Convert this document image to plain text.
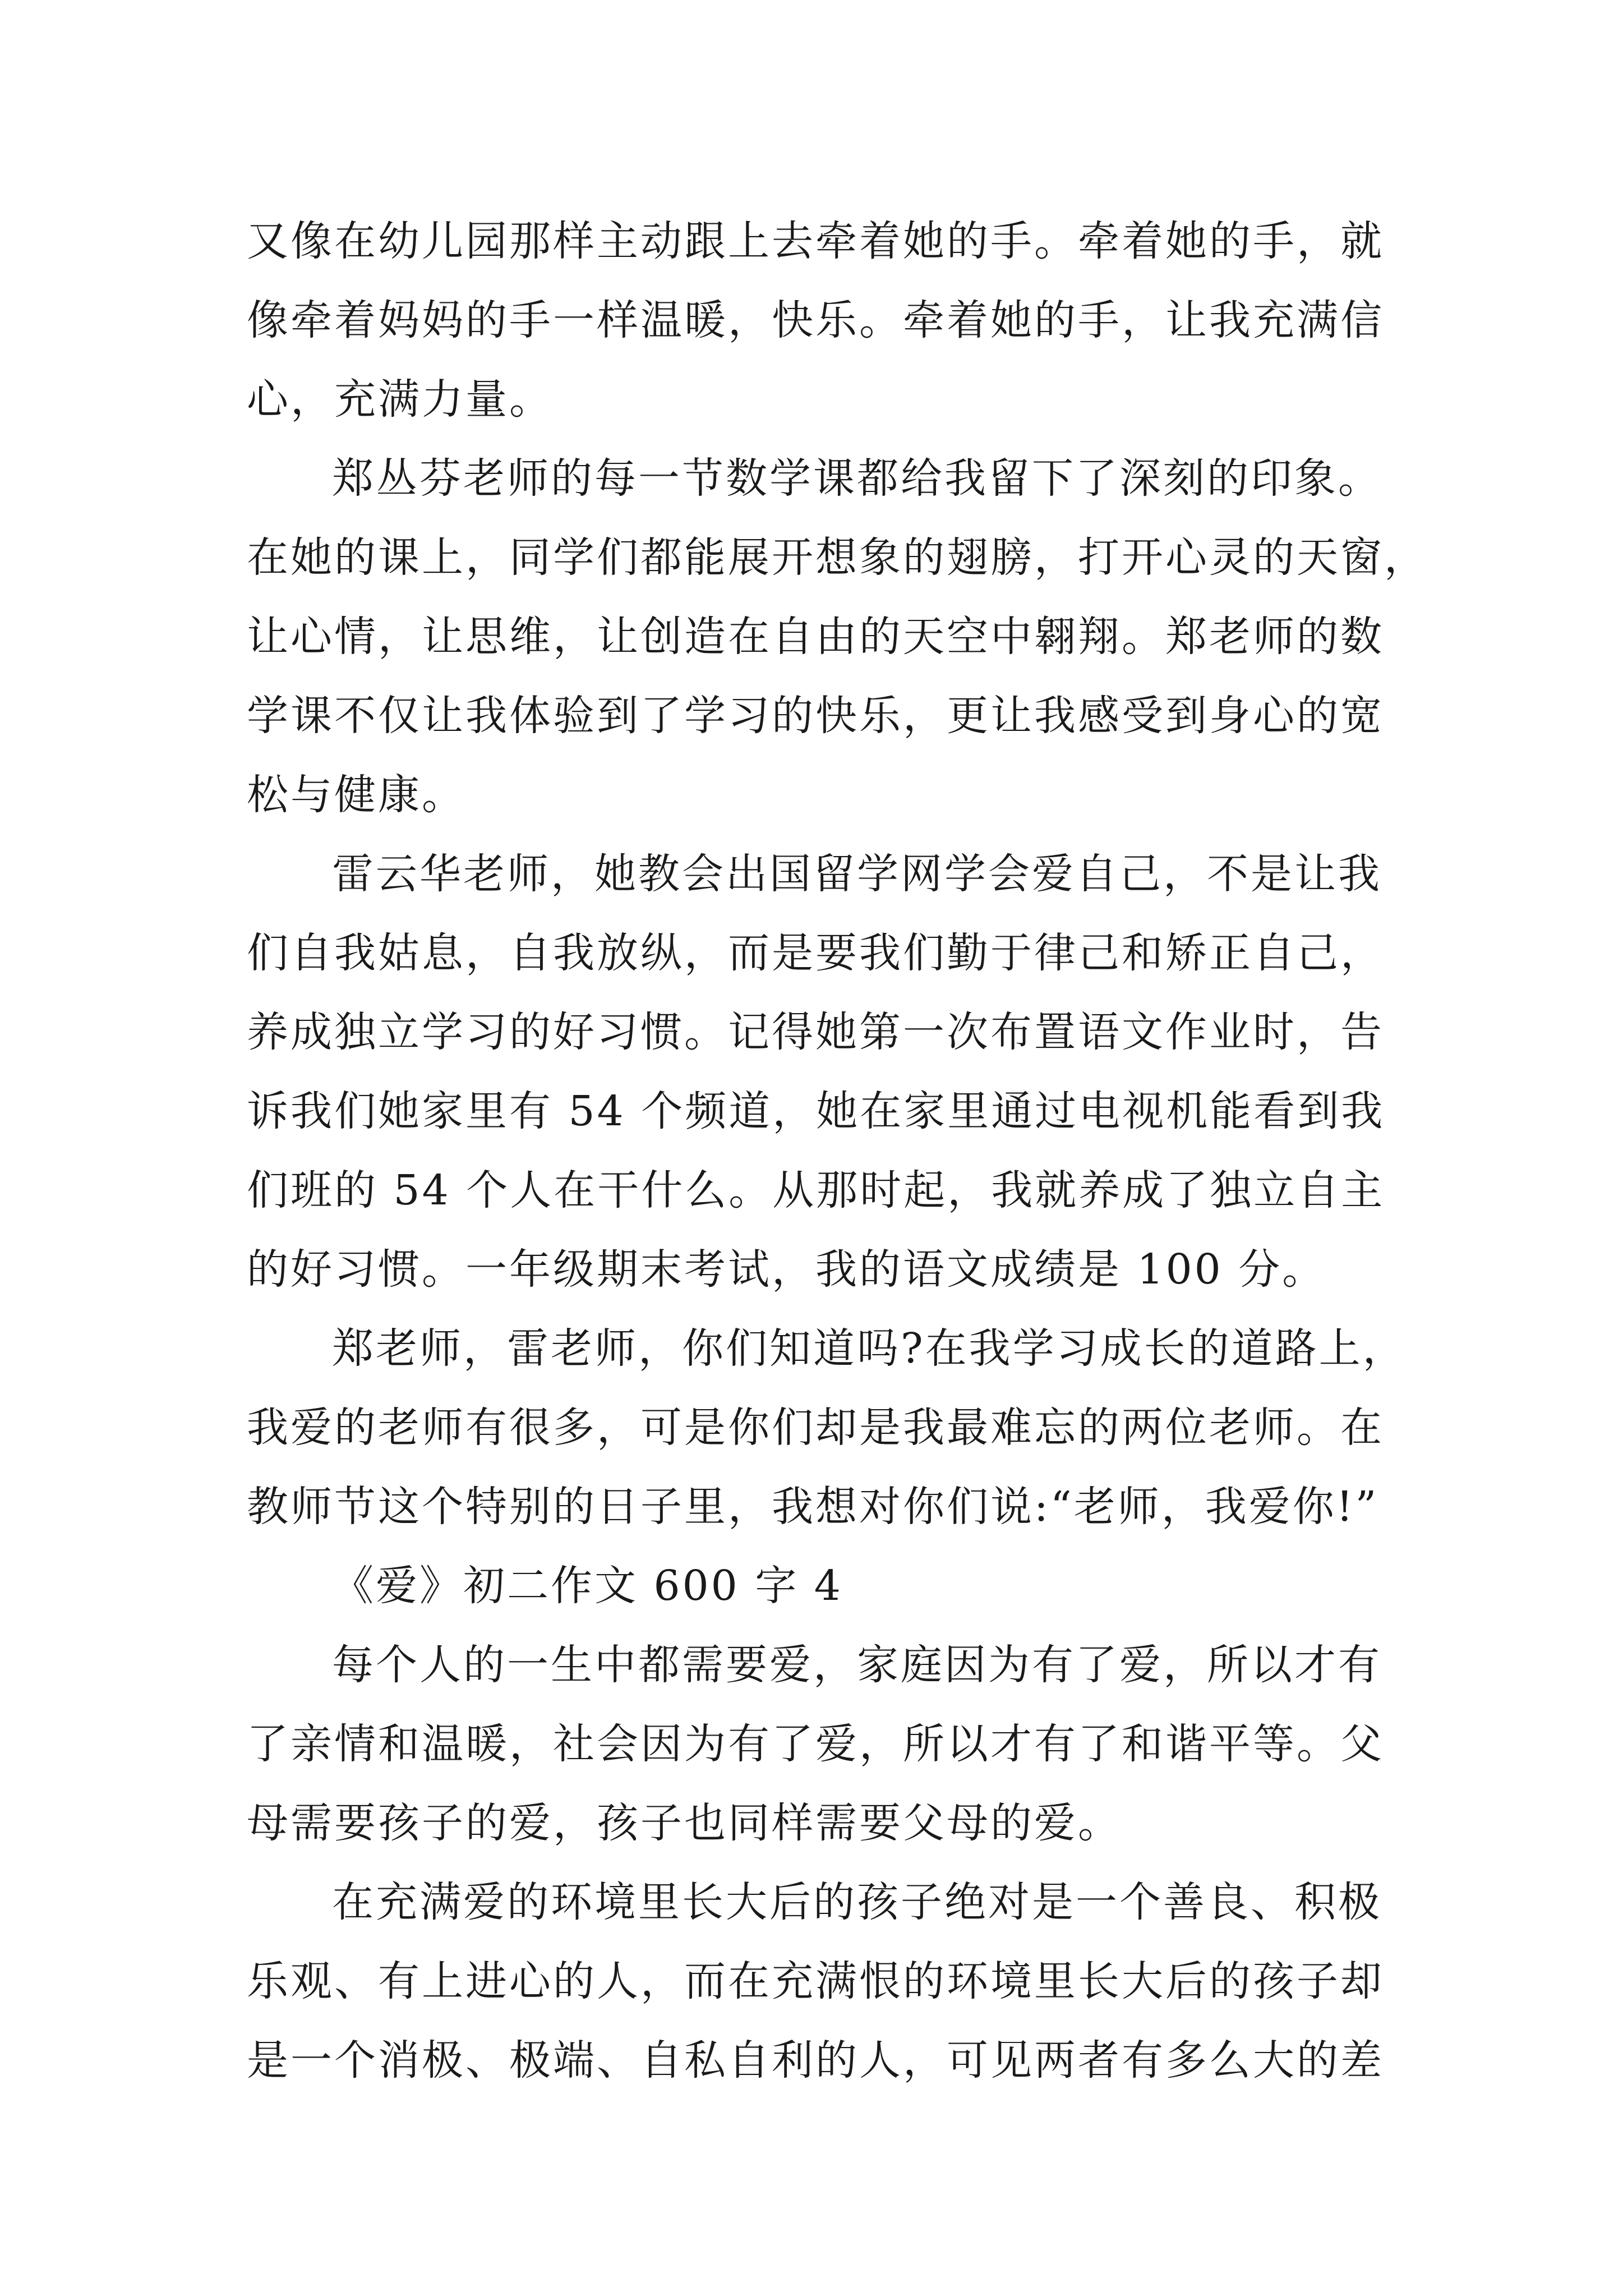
又像在幼儿园那样主动跟上去牵着她的手。牵着她的手，就
像牵着妈妈的手一样温暖，快乐。牵着她的手，让我充满信
心，充满力量。
郑丛芬老师的每一节数学课都给我留下了深刻的印象。
在她的课上，同学们都能展开想象的翅膀，打开心灵的天窗，
让心情，让思维，让创造在自由的天空中翱翔。郑老师的数
学课不仅让我体验到了学习的快乐，更让我感受到身心的宽
松与健康。
雷云华老师，她教会出国留学网学会爱自己，不是让我
们自我姑息，自我放纵，而是要我们勤于律己和矫正自己，
养成独立学习的好习惯。记得她第一次布置语文作业时，告
诉我们她家里有 54 个频道，她在家里通过电视机能看到我
们班的 54 个人在干什么。从那时起，我就养成了独立自主
的好习惯。一年级期末考试，我的语文成绩是 100 分。
郑老师，雷老师，你们知道吗?在我学习成长的道路上，
我爱的老师有很多，可是你们却是我最难忘的两位老师。在
教师节这个特别的日子里，我想对你们说:“老师，我爱你!”
《爱》初二作文 600 字 4
每个人的一生中都需要爱，家庭因为有了爱，所以才有
了亲情和温暖，社会因为有了爱，所以才有了和谐平等。父
母需要孩子的爱，孩子也同样需要父母的爱。
在充满爱的环境里长大后的孩子绝对是一个善良、积极
乐观、有上进心的人，而在充满恨的环境里长大后的孩子却
是一个消极、极端、自私自利的人，可见两者有多么大的差
